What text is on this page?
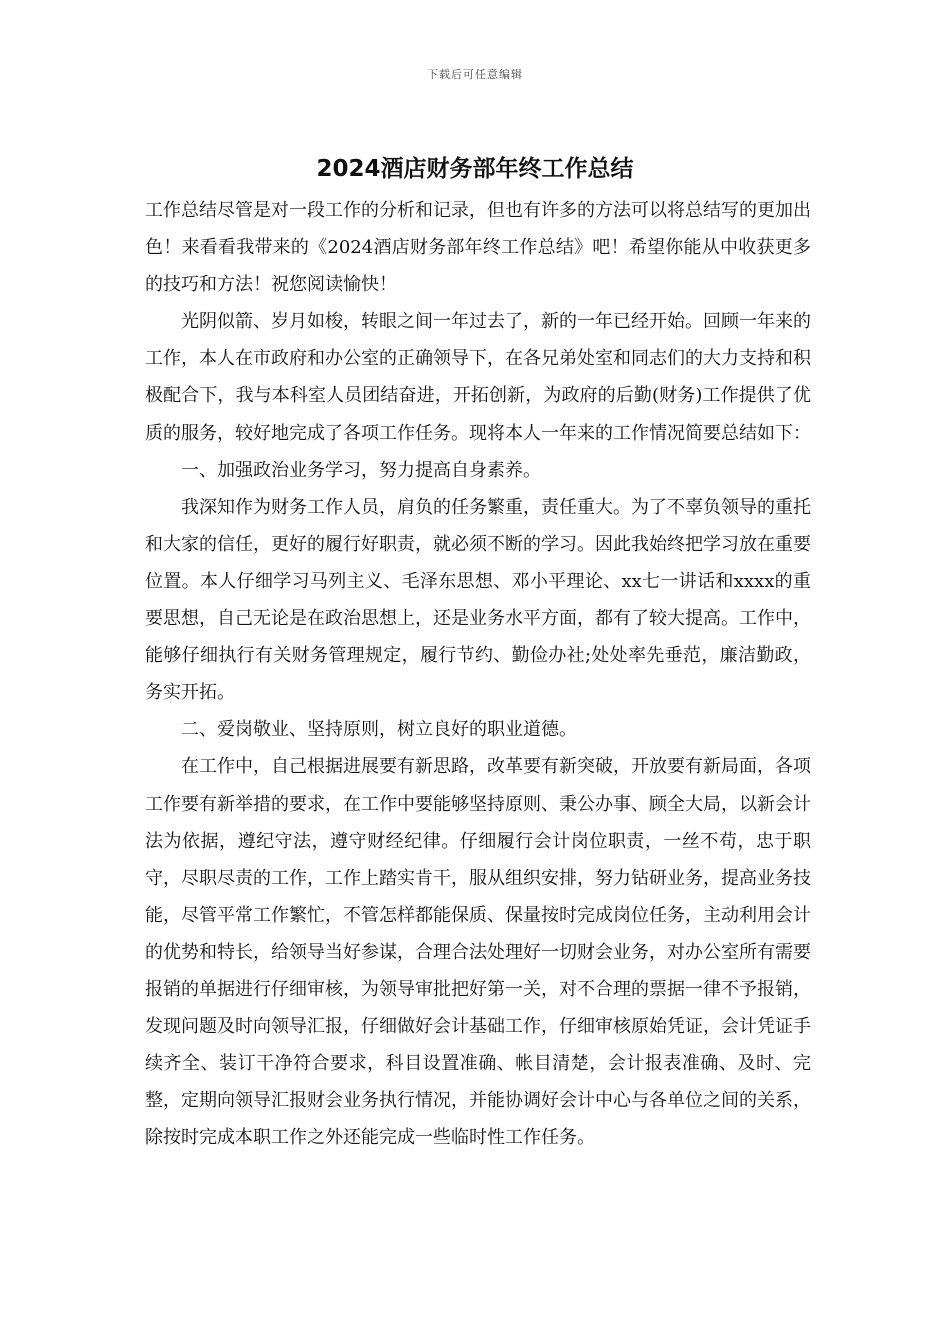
下载后可任意编辑
2024酒店财务部年终工作总结

工作总结尽管是对一段工作的分析和记录，但也有许多的方法可以将总结写的更加出色！来看看我带来的《2024酒店财务部年终工作总结》吧！希望你能从中收获更多的技巧和方法！祝您阅读愉快！

光阴似箭、岁月如梭，转眼之间一年过去了，新的一年已经开始。回顾一年来的工作，本人在市政府和办公室的正确领导下，在各兄弟处室和同志们的大力支持和积极配合下，我与本科室人员团结奋进，开拓创新，为政府的后勤(财务)工作提供了优质的服务，较好地完成了各项工作任务。现将本人一年来的工作情况简要总结如下：

一、加强政治业务学习，努力提高自身素养。

我深知作为财务工作人员，肩负的任务繁重，责任重大。为了不辜负领导的重托和大家的信任，更好的履行好职责，就必须不断的学习。因此我始终把学习放在重要位置。本人仔细学习马列主义、毛泽东思想、邓小平理论、xx七一讲话和xxxx的重要思想，自己无论是在政治思想上，还是业务水平方面，都有了较大提高。工作中，能够仔细执行有关财务管理规定，履行节约、勤俭办社;处处率先垂范，廉洁勤政，务实开拓。

二、爱岗敬业、坚持原则，树立良好的职业道德。

在工作中，自己根据进展要有新思路，改革要有新突破，开放要有新局面，各项工作要有新举措的要求，在工作中要能够坚持原则、秉公办事、顾全大局，以新会计法为依据，遵纪守法，遵守财经纪律。仔细履行会计岗位职责，一丝不苟，忠于职守，尽职尽责的工作，工作上踏实肯干，服从组织安排，努力钻研业务，提高业务技能，尽管平常工作繁忙，不管怎样都能保质、保量按时完成岗位任务，主动利用会计的优势和特长，给领导当好参谋，合理合法处理好一切财会业务，对办公室所有需要报销的单据进行仔细审核，为领导审批把好第一关，对不合理的票据一律不予报销，发现问题及时向领导汇报，仔细做好会计基础工作，仔细审核原始凭证，会计凭证手续齐全、装订干净符合要求，科目设置准确、帐目清楚，会计报表准确、及时、完整，定期向领导汇报财会业务执行情况，并能协调好会计中心与各单位之间的关系，除按时完成本职工作之外还能完成一些临时性工作任务。
